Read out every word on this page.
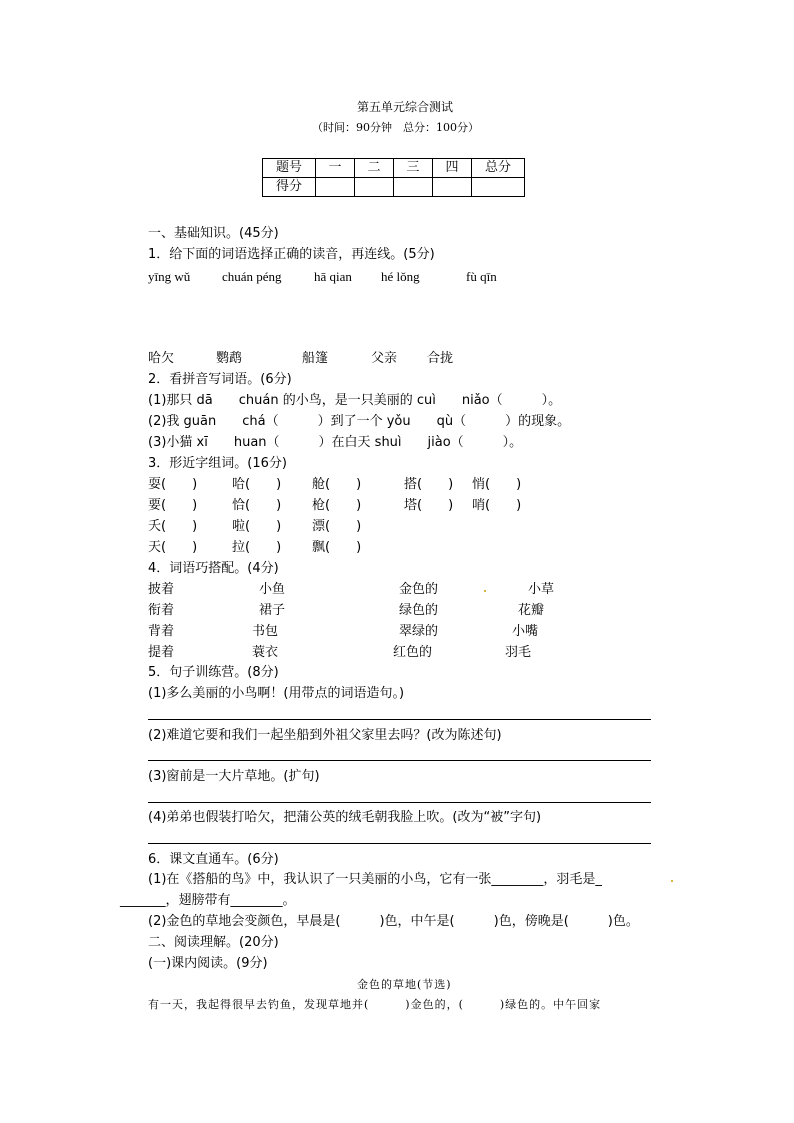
第五单元综合测试
（时间：90分钟　总分：100分）
题号	一	二	三	四	总分
得分					
一、基础知识。(45分)
1．给下面的词语选择正确的读音，再连线。(5分)
yīng wǔ chuán péng hā qian hé lǒng	fù qīn
哈欠	鹦鹉	船篷	父亲 合拢
2．看拼音写词语。(6分)
(1)那只 dā　　chuán 的小鸟，是一只美丽的 cuì　　niǎo（　　　）。
(2)我 guān　　chá（　　　）到了一个 yǒu　　qù（　　　）的现象。
(3)小猫 xī　　huan（　　　）在白天 shuì　　jiào（　　　）。
3．形近字组词。(16分)
耍(　　)	哈(　　) 舱(　　)	搭(　　) 悄(　　)
要(　　)	恰(　　) 枪(　　)	塔(　　) 哨(　　)
夭(　　)	啦(　　) 漂(　　)
天(　　)	拉(　　) 飘(　　)
4．词语巧搭配。(4分)
披着	小鱼	金色的	小草
衔着	裙子	绿色的	花瓣
背着	书包	翠绿的	小嘴
提着	蓑衣	红色的	羽毛
5．句子训练营。(8分)
(1)多么美丽的小鸟啊！(用带点的词语造句。)
(2)难道它要和我们一起坐船到外祖父家里去吗？(改为陈述句)
(3)窗前是一大片草地。(扩句)
(4)弟弟也假装打哈欠，把蒲公英的绒毛朝我脸上吹。(改为“被”字句)
6．课文直通车。(6分)
(1)在《搭船的鸟》中，我认识了一只美丽的小鸟，它有一张________，羽毛是_
_______，翅膀带有________。
(2)金色的草地会变颜色，早晨是(　　　)色，中午是(　　　)色，傍晚是(　　　)色。
二、阅读理解。(20分)
(一)课内阅读。(9分)
金色的草地(节选)
有一天，我起得很早去钓鱼，发现草地并(　　　)金色的，(　　　)绿色的。中午回家
